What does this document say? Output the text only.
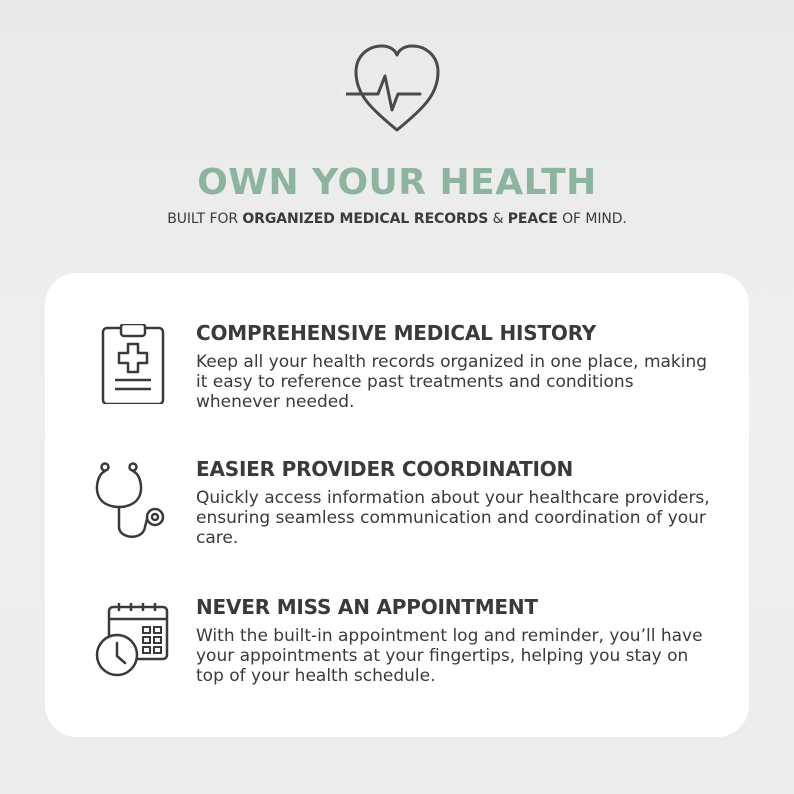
OWN YOUR HEALTH
BUILT FOR ORGANIZED MEDICAL RECORDS & PEACE OF MIND.
COMPREHENSIVE MEDICAL HISTORY
Keep all your health records organized in one place, making it easy to reference past treatments and conditions whenever needed.
EASIER PROVIDER COORDINATION
Quickly access information about your healthcare providers, ensuring seamless communication and coordination of your care.
NEVER MISS AN APPOINTMENT
With the built-in appointment log and reminder, you’ll have your appointments at your fingertips, helping you stay on top of your health schedule.
